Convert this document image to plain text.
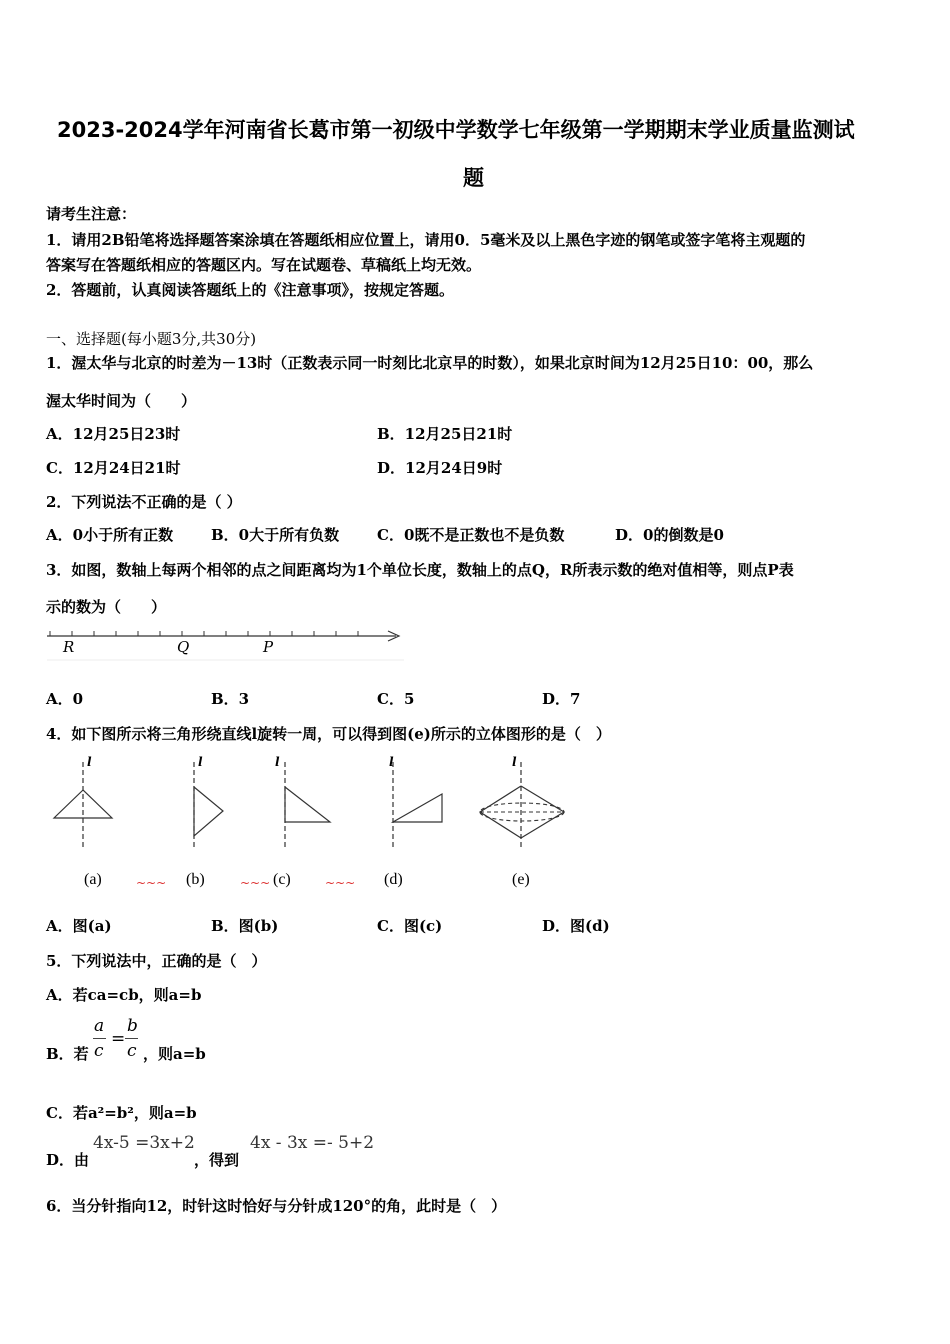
2023-2024学年河南省长葛市第一初级中学数学七年级第一学期期末学业质量监测试
题
请考生注意：
1．请用2B铅笔将选择题答案涂填在答题纸相应位置上，请用0．5毫米及以上黑色字迹的钢笔或签字笔将主观题的
答案写在答题纸相应的答题区内。写在试题卷、草稿纸上均无效。
2．答题前，认真阅读答题纸上的《注意事项》，按规定答题。
一、选择题(每小题3分,共30分)
1．渥太华与北京的时差为－13时（正数表示同一时刻比北京早的时数），如果北京时间为12月25日10：00，那么
渥太华时间为（　　）
A．12月25日23时	B．12月25日21时
C．12月24日21时	D．12月24日9时
2．下列说法不正确的是（ ）
A．0小于所有正数	B．0大于所有负数	C．0既不是正数也不是负数	D．0的倒数是0
3．如图，数轴上每两个相邻的点之间距离均为1个单位长度，数轴上的点Q，R所表示数的绝对值相等，则点P表
示的数为（　　）
R	Q	P
A．0	B．3	C．5	D．7
4．如下图所示将三角形绕直线l旋转一周，可以得到图(e)所示的立体图形的是（　）
l	l	l	l	l
(a)	~~~ (b)	~~~ (c)	~~~ (d)	(e)
A．图(a)	B．图(b)	C．图(c)	D．图(d)
5．下列说法中，正确的是（　）
A．若ca=cb，则a=b
B．若
a
c
=
b
c ，则a=b
C．若a²=b²，则a=b
D．由
4x-5 =3x+2
，得到
4x - 3x =- 5+2
6．当分针指向12，时针这时恰好与分针成120°的角，此时是（　）
